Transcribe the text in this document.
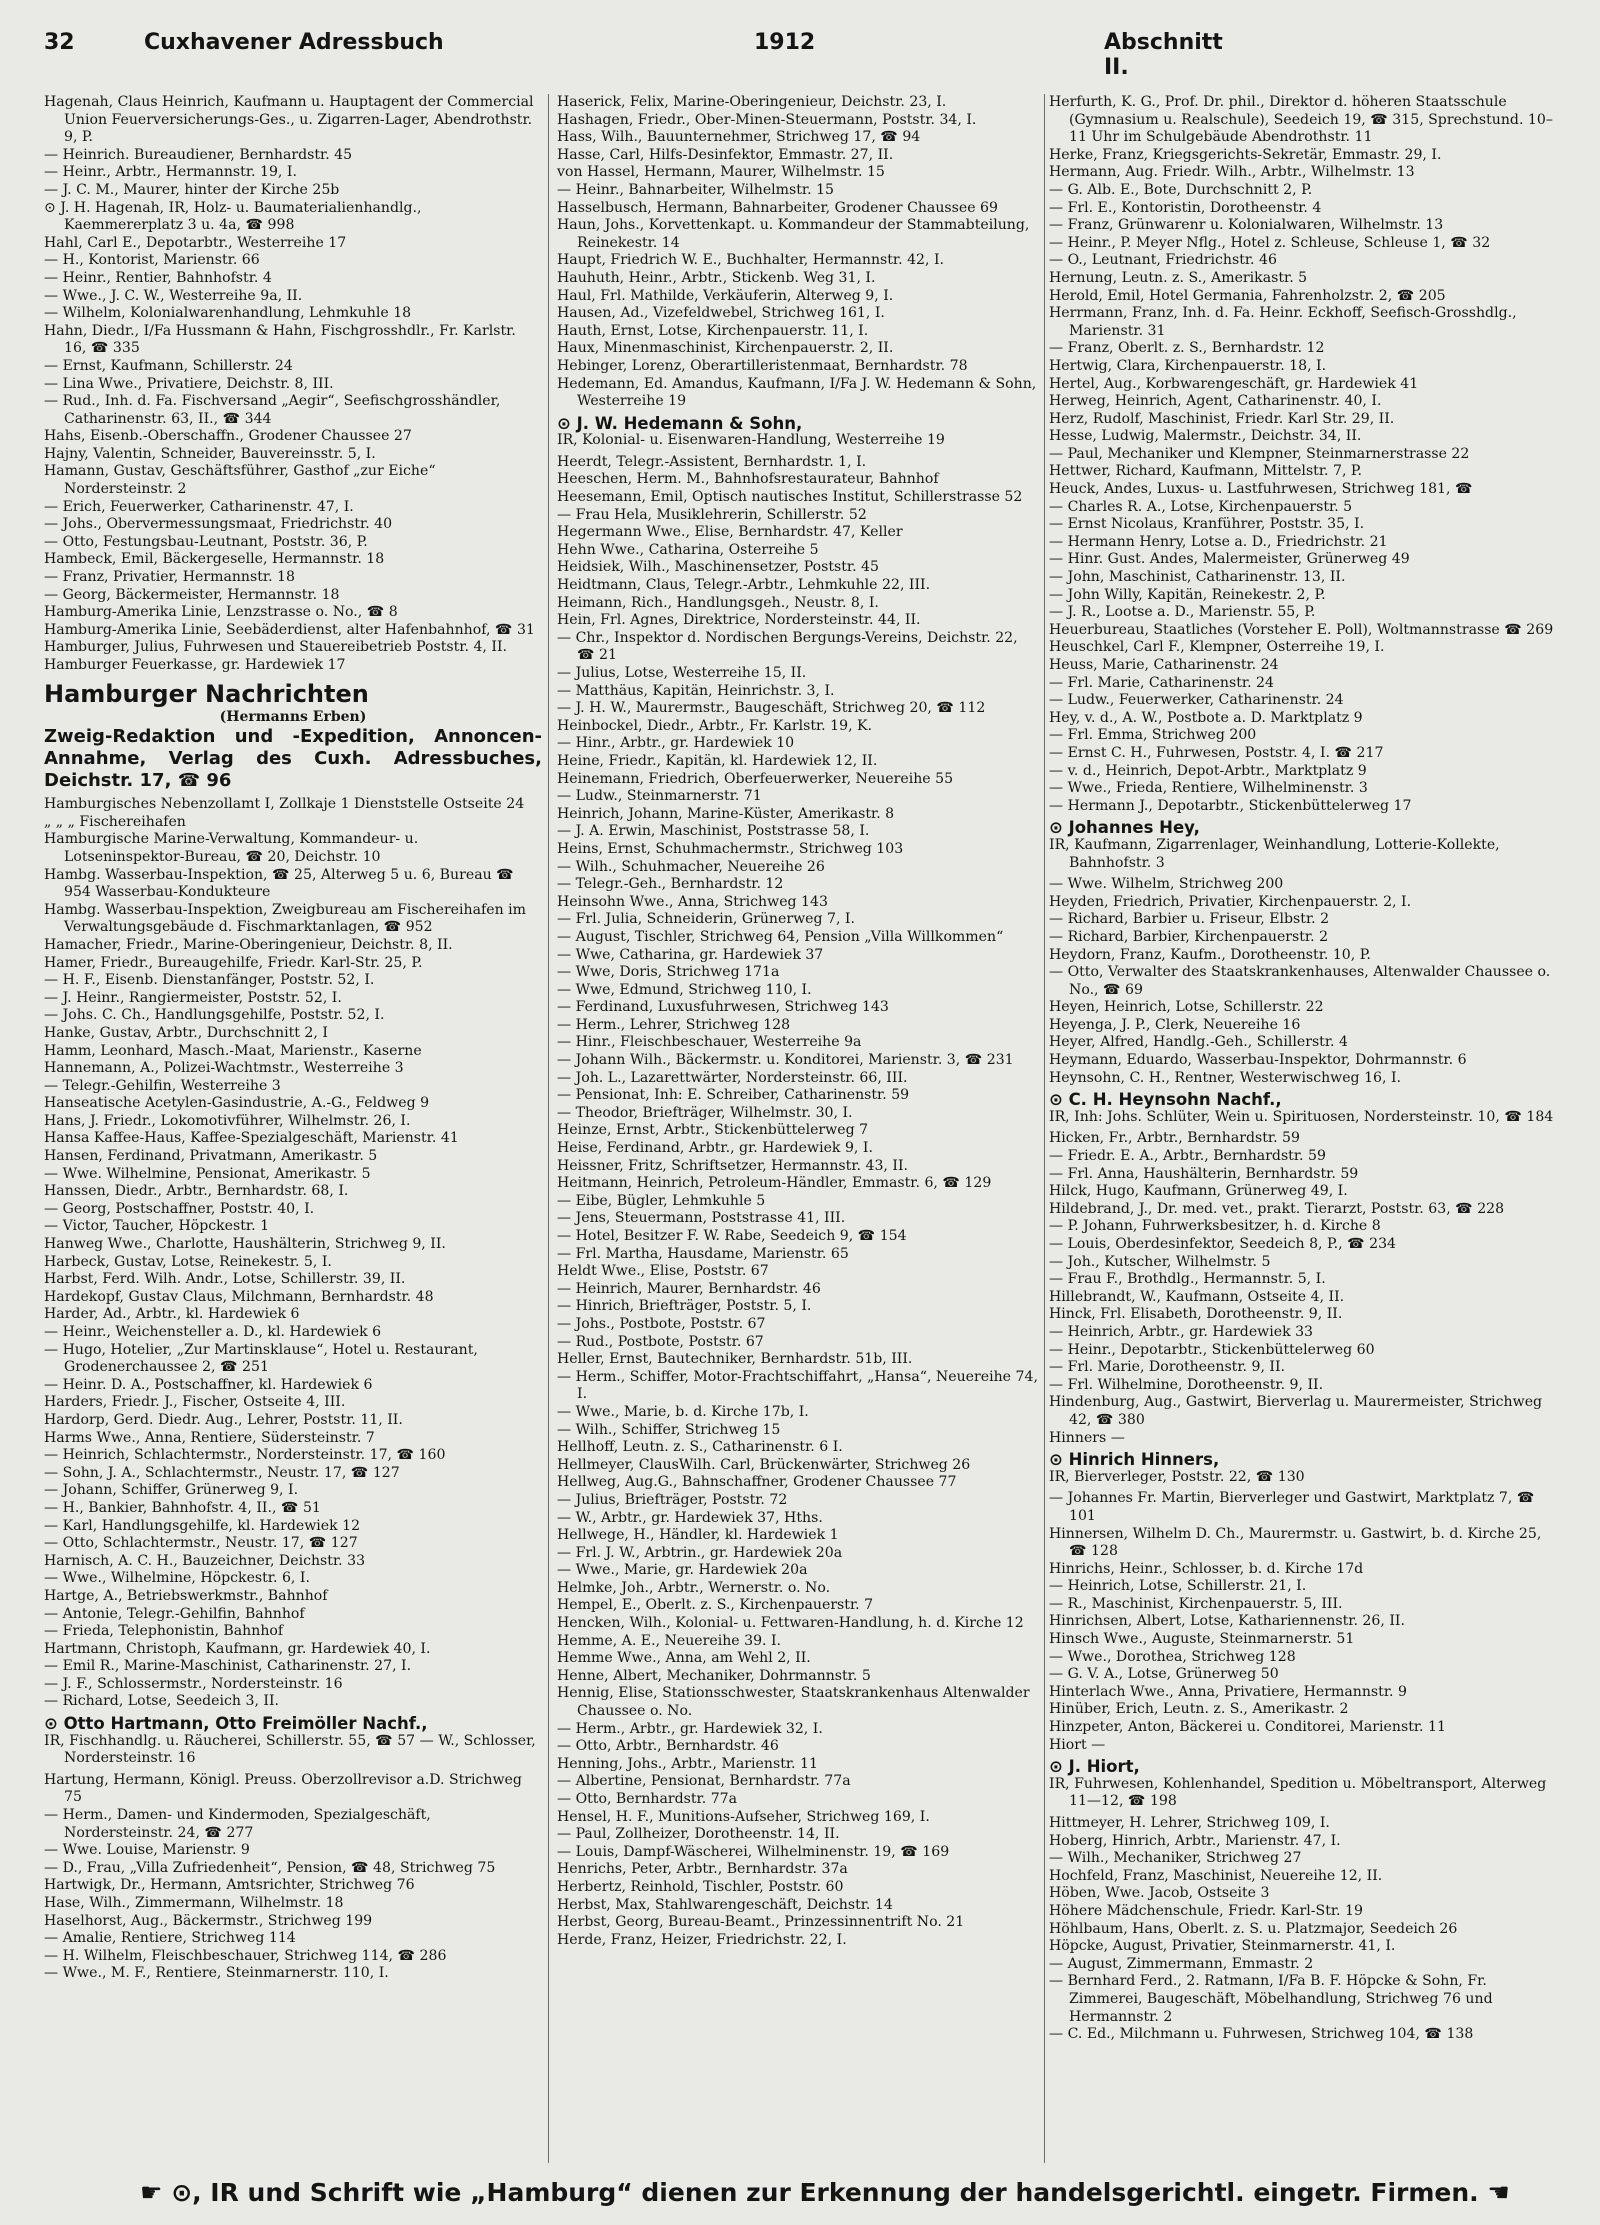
32	Cuxhavener Adressbuch	1912	Abschnitt II.
Hagenah, Claus Heinrich, Kaufmann u. Hauptagent der Commercial Union Feuerversicherungs-Ges., u. Zigarren-Lager, Abendrothstr. 9, P.
— Heinrich. Bureaudiener, Bernhardstr. 45
— Heinr., Arbtr., Hermannstr. 19, I.
— J. C. M., Maurer, hinter der Kirche 25b
⊙ J. H. Hagenah, IR, Holz- u. Baumaterialienhandlg., Kaemmererplatz 3 u. 4a, ☎ 998
Hahl, Carl E., Depotarbtr., Westerreihe 17
— H., Kontorist, Marienstr. 66
— Heinr., Rentier, Bahnhofstr. 4
— Wwe., J. C. W., Westerreihe 9a, II.
— Wilhelm, Kolonialwarenhandlung, Lehmkuhle 18
Hahn, Diedr., I/Fa Hussmann & Hahn, Fischgrosshdlr., Fr. Karlstr. 16, ☎ 335
— Ernst, Kaufmann, Schillerstr. 24
— Lina Wwe., Privatiere, Deichstr. 8, III.
— Rud., Inh. d. Fa. Fischversand „Aegir“, Seefischgrosshändler, Catharinenstr. 63, II., ☎ 344
Hahs, Eisenb.-Oberschaffn., Grodener Chaussee 27
Hajny, Valentin, Schneider, Bauvereinsstr. 5, I.
Hamann, Gustav, Geschäftsführer, Gasthof „zur Eiche“ Nordersteinstr. 2
— Erich, Feuerwerker, Catharinenstr. 47, I.
— Johs., Obervermessungsmaat, Friedrichstr. 40
— Otto, Festungsbau-Leutnant, Poststr. 36, P.
Hambeck, Emil, Bäckergeselle, Hermannstr. 18
— Franz, Privatier, Hermannstr. 18
— Georg, Bäckermeister, Hermannstr. 18
Hamburg-Amerika Linie, Lenzstrasse o. No., ☎ 8
Hamburg-Amerika Linie, Seebäderdienst, alter Hafenbahnhof, ☎ 31
Hamburger, Julius, Fuhrwesen und Stauereibetrieb Poststr. 4, II.
Hamburger Feuerkasse, gr. Hardewiek 17
Hamburger Nachrichten
(Hermanns Erben)
Zweig-Redaktion und -Expedition, Annoncen-Annahme, Verlag des Cuxh. Adressbuches, Deichstr. 17, ☎ 96
Hamburgisches Nebenzollamt I, Zollkaje 1 Dienststelle Ostseite 24
„ „ „ Fischereihafen
Hamburgische Marine-Verwaltung, Kommandeur- u. Lotseninspektor-Bureau, ☎ 20, Deichstr. 10
Hambg. Wasserbau-Inspektion, ☎ 25, Alterweg 5 u. 6, Bureau ☎ 954 Wasserbau-Kondukteure
Hambg. Wasserbau-Inspektion, Zweigbureau am Fischereihafen im Verwaltungsgebäude d. Fischmarktanlagen, ☎ 952
Hamacher, Friedr., Marine-Oberingenieur, Deichstr. 8, II.
Hamer, Friedr., Bureaugehilfe, Friedr. Karl-Str. 25, P.
— H. F., Eisenb. Dienstanfänger, Poststr. 52, I.
— J. Heinr., Rangiermeister, Poststr. 52, I.
— Johs. C. Ch., Handlungsgehilfe, Poststr. 52, I.
Hanke, Gustav, Arbtr., Durchschnitt 2, I
Hamm, Leonhard, Masch.-Maat, Marienstr., Kaserne
Hannemann, A., Polizei-Wachtmstr., Westerreihe 3
— Telegr.-Gehilfin, Westerreihe 3
Hanseatische Acetylen-Gasindustrie, A.-G., Feldweg 9
Hans, J. Friedr., Lokomotivführer, Wilhelmstr. 26, I.
Hansa Kaffee-Haus, Kaffee-Spezialgeschäft, Marienstr. 41
Hansen, Ferdinand, Privatmann, Amerikastr. 5
— Wwe. Wilhelmine, Pensionat, Amerikastr. 5
Hanssen, Diedr., Arbtr., Bernhardstr. 68, I.
— Georg, Postschaffner, Poststr. 40, I.
— Victor, Taucher, Höpckestr. 1
Hanweg Wwe., Charlotte, Haushälterin, Strichweg 9, II.
Harbeck, Gustav, Lotse, Reinekestr. 5, I.
Harbst, Ferd. Wilh. Andr., Lotse, Schillerstr. 39, II.
Hardekopf, Gustav Claus, Milchmann, Bernhardstr. 48
Harder, Ad., Arbtr., kl. Hardewiek 6
— Heinr., Weichensteller a. D., kl. Hardewiek 6
— Hugo, Hotelier, „Zur Martinsklause“, Hotel u. Restaurant, Grodenerchaussee 2, ☎ 251
— Heinr. D. A., Postschaffner, kl. Hardewiek 6
Harders, Friedr. J., Fischer, Ostseite 4, III.
Hardorp, Gerd. Diedr. Aug., Lehrer, Poststr. 11, II.
Harms Wwe., Anna, Rentiere, Südersteinstr. 7
— Heinrich, Schlachtermstr., Nordersteinstr. 17, ☎ 160
— Sohn, J. A., Schlachtermstr., Neustr. 17, ☎ 127
— Johann, Schiffer, Grünerweg 9, I.
— H., Bankier, Bahnhofstr. 4, II., ☎ 51
— Karl, Handlungsgehilfe, kl. Hardewiek 12
— Otto, Schlachtermstr., Neustr. 17, ☎ 127
Harnisch, A. C. H., Bauzeichner, Deichstr. 33
— Wwe., Wilhelmine, Höpckestr. 6, I.
Hartge, A., Betriebswerkmstr., Bahnhof
— Antonie, Telegr.-Gehilfin, Bahnhof
— Frieda, Telephonistin, Bahnhof
Hartmann, Christoph, Kaufmann, gr. Hardewiek 40, I.
— Emil R., Marine-Maschinist, Catharinenstr. 27, I.
— J. F., Schlossermstr., Nordersteinstr. 16
— Richard, Lotse, Seedeich 3, II.
⊙ Otto Hartmann, Otto Freimöller Nachf.,
IR, Fischhandlg. u. Räucherei, Schillerstr. 55, ☎ 57 — W., Schlosser, Nordersteinstr. 16
Hartung, Hermann, Königl. Preuss. Oberzollrevisor a.D. Strichweg 75
— Herm., Damen- und Kindermoden, Spezialgeschäft, Nordersteinstr. 24, ☎ 277
— Wwe. Louise, Marienstr. 9
— D., Frau, „Villa Zufriedenheit“, Pension, ☎ 48, Strichweg 75
Hartwigk, Dr., Hermann, Amtsrichter, Strichweg 76
Hase, Wilh., Zimmermann, Wilhelmstr. 18
Haselhorst, Aug., Bäckermstr., Strichweg 199
— Amalie, Rentiere, Strichweg 114
— H. Wilhelm, Fleischbeschauer, Strichweg 114, ☎ 286
— Wwe., M. F., Rentiere, Steinmarnerstr. 110, I.
Haserick, Felix, Marine-Oberingenieur, Deichstr. 23, I.
Hashagen, Friedr., Ober-Minen-Steuermann, Poststr. 34, I.
Hass, Wilh., Bauunternehmer, Strichweg 17, ☎ 94
Hasse, Carl, Hilfs-Desinfektor, Emmastr. 27, II.
von Hassel, Hermann, Maurer, Wilhelmstr. 15
— Heinr., Bahnarbeiter, Wilhelmstr. 15
Hasselbusch, Hermann, Bahnarbeiter, Grodener Chaussee 69
Haun, Johs., Korvettenkapt. u. Kommandeur der Stammabteilung, Reinekestr. 14
Haupt, Friedrich W. E., Buchhalter, Hermannstr. 42, I.
Hauhuth, Heinr., Arbtr., Stickenb. Weg 31, I.
Haul, Frl. Mathilde, Verkäuferin, Alterweg 9, I.
Hausen, Ad., Vizefeldwebel, Strichweg 161, I.
Hauth, Ernst, Lotse, Kirchenpauerstr. 11, I.
Haux, Minenmaschinist, Kirchenpauerstr. 2, II.
Hebinger, Lorenz, Oberartilleristenmaat, Bernhardstr. 78
Hedemann, Ed. Amandus, Kaufmann, I/Fa J. W. Hedemann & Sohn, Westerreihe 19
⊙ J. W. Hedemann & Sohn,
IR, Kolonial- u. Eisenwaren-Handlung, Westerreihe 19
Heerdt, Telegr.-Assistent, Bernhardstr. 1, I.
Heeschen, Herm. M., Bahnhofsrestaurateur, Bahnhof
Heesemann, Emil, Optisch nautisches Institut, Schillerstrasse 52
— Frau Hela, Musiklehrerin, Schillerstr. 52
Hegermann Wwe., Elise, Bernhardstr. 47, Keller
Hehn Wwe., Catharina, Osterreihe 5
Heidsiek, Wilh., Maschinensetzer, Poststr. 45
Heidtmann, Claus, Telegr.-Arbtr., Lehmkuhle 22, III.
Heimann, Rich., Handlungsgeh., Neustr. 8, I.
Hein, Frl. Agnes, Direktrice, Nordersteinstr. 44, II.
— Chr., Inspektor d. Nordischen Bergungs-Vereins, Deichstr. 22, ☎ 21
— Julius, Lotse, Westerreihe 15, II.
— Matthäus, Kapitän, Heinrichstr. 3, I.
— J. H. W., Maurermstr., Baugeschäft, Strichweg 20, ☎ 112
Heinbockel, Diedr., Arbtr., Fr. Karlstr. 19, K.
— Hinr., Arbtr., gr. Hardewiek 10
Heine, Friedr., Kapitän, kl. Hardewiek 12, II.
Heinemann, Friedrich, Oberfeuerwerker, Neuereihe 55
— Ludw., Steinmarnerstr. 71
Heinrich, Johann, Marine-Küster, Amerikastr. 8
— J. A. Erwin, Maschinist, Poststrasse 58, I.
Heins, Ernst, Schuhmachermstr., Strichweg 103
— Wilh., Schuhmacher, Neuereihe 26
— Telegr.-Geh., Bernhardstr. 12
Heinsohn Wwe., Anna, Strichweg 143
— Frl. Julia, Schneiderin, Grünerweg 7, I.
— August, Tischler, Strichweg 64, Pension „Villa Willkommen“
— Wwe, Catharina, gr. Hardewiek 37
— Wwe, Doris, Strichweg 171a
— Wwe, Edmund, Strichweg 110, I.
— Ferdinand, Luxusfuhrwesen, Strichweg 143
— Herm., Lehrer, Strichweg 128
— Hinr., Fleischbeschauer, Westerreihe 9a
— Johann Wilh., Bäckermstr. u. Konditorei, Marienstr. 3, ☎ 231
— Joh. L., Lazarettwärter, Nordersteinstr. 66, III.
— Pensionat, Inh: E. Schreiber, Catharinenstr. 59
— Theodor, Briefträger, Wilhelmstr. 30, I.
Heinze, Ernst, Arbtr., Stickenbüttelerweg 7
Heise, Ferdinand, Arbtr., gr. Hardewiek 9, I.
Heissner, Fritz, Schriftsetzer, Hermannstr. 43, II.
Heitmann, Heinrich, Petroleum-Händler, Emmastr. 6, ☎ 129
— Eibe, Bügler, Lehmkuhle 5
— Jens, Steuermann, Poststrasse 41, III.
— Hotel, Besitzer F. W. Rabe, Seedeich 9, ☎ 154
— Frl. Martha, Hausdame, Marienstr. 65
Heldt Wwe., Elise, Poststr. 67
— Heinrich, Maurer, Bernhardstr. 46
— Hinrich, Briefträger, Poststr. 5, I.
— Johs., Postbote, Poststr. 67
— Rud., Postbote, Poststr. 67
Heller, Ernst, Bautechniker, Bernhardstr. 51b, III.
— Herm., Schiffer, Motor-Frachtschiffahrt, „Hansa“, Neuereihe 74, I.
— Wwe., Marie, b. d. Kirche 17b, I.
— Wilh., Schiffer, Strichweg 15
Hellhoff, Leutn. z. S., Catharinenstr. 6 I.
Hellmeyer, ClausWilh. Carl, Brückenwärter, Strichweg 26
Hellweg, Aug.G., Bahnschaffner, Grodener Chaussee 77
— Julius, Briefträger, Poststr. 72
— W., Arbtr., gr. Hardewiek 37, Hths.
Hellwege, H., Händler, kl. Hardewiek 1
— Frl. J. W., Arbtrin., gr. Hardewiek 20a
— Wwe., Marie, gr. Hardewiek 20a
Helmke, Joh., Arbtr., Wernerstr. o. No.
Hempel, E., Oberlt. z. S., Kirchenpauerstr. 7
Hencken, Wilh., Kolonial- u. Fettwaren-Handlung, h. d. Kirche 12
Hemme, A. E., Neuereihe 39. I.
Hemme Wwe., Anna, am Wehl 2, II.
Henne, Albert, Mechaniker, Dohrmannstr. 5
Hennig, Elise, Stationsschwester, Staatskrankenhaus Altenwalder Chaussee o. No.
— Herm., Arbtr., gr. Hardewiek 32, I.
— Otto, Arbtr., Bernhardstr. 46
Henning, Johs., Arbtr., Marienstr. 11
— Albertine, Pensionat, Bernhardstr. 77a
— Otto, Bernhardstr. 77a
Hensel, H. F., Munitions-Aufseher, Strichweg 169, I.
— Paul, Zollheizer, Dorotheenstr. 14, II.
— Louis, Dampf-Wäscherei, Wilhelminenstr. 19, ☎ 169
Henrichs, Peter, Arbtr., Bernhardstr. 37a
Herbertz, Reinhold, Tischler, Poststr. 60
Herbst, Max, Stahlwarengeschäft, Deichstr. 14
Herbst, Georg, Bureau-Beamt., Prinzessinnentrift No. 21
Herde, Franz, Heizer, Friedrichstr. 22, I.
Herfurth, K. G., Prof. Dr. phil., Direktor d. höheren Staatsschule (Gymnasium u. Realschule), Seedeich 19, ☎ 315, Sprechstund. 10–11 Uhr im Schulgebäude Abendrothstr. 11
Herke, Franz, Kriegsgerichts-Sekretär, Emmastr. 29, I.
Hermann, Aug. Friedr. Wilh., Arbtr., Wilhelmstr. 13
— G. Alb. E., Bote, Durchschnitt 2, P.
— Frl. E., Kontoristin, Dorotheenstr. 4
— Franz, Grünwarenr u. Kolonialwaren, Wilhelmstr. 13
— Heinr., P. Meyer Nflg., Hotel z. Schleuse, Schleuse 1, ☎ 32
— O., Leutnant, Friedrichstr. 46
Hernung, Leutn. z. S., Amerikastr. 5
Herold, Emil, Hotel Germania, Fahrenholzstr. 2, ☎ 205
Herrmann, Franz, Inh. d. Fa. Heinr. Eckhoff, Seefisch-Grosshdlg., Marienstr. 31
— Franz, Oberlt. z. S., Bernhardstr. 12
Hertwig, Clara, Kirchenpauerstr. 18, I.
Hertel, Aug., Korbwarengeschäft, gr. Hardewiek 41
Herweg, Heinrich, Agent, Catharinenstr. 40, I.
Herz, Rudolf, Maschinist, Friedr. Karl Str. 29, II.
Hesse, Ludwig, Malermstr., Deichstr. 34, II.
— Paul, Mechaniker und Klempner, Steinmarnerstrasse 22
Hettwer, Richard, Kaufmann, Mittelstr. 7, P.
Heuck, Andes, Luxus- u. Lastfuhrwesen, Strichweg 181, ☎
— Charles R. A., Lotse, Kirchenpauerstr. 5
— Ernst Nicolaus, Kranführer, Poststr. 35, I.
— Hermann Henry, Lotse a. D., Friedrichstr. 21
— Hinr. Gust. Andes, Malermeister, Grünerweg 49
— John, Maschinist, Catharinenstr. 13, II.
— John Willy, Kapitän, Reinekestr. 2, P.
— J. R., Lootse a. D., Marienstr. 55, P.
Heuerbureau, Staatliches (Vorsteher E. Poll), Woltmannstrasse ☎ 269
Heuschkel, Carl F., Klempner, Osterreihe 19, I.
Heuss, Marie, Catharinenstr. 24
— Frl. Marie, Catharinenstr. 24
— Ludw., Feuerwerker, Catharinenstr. 24
Hey, v. d., A. W., Postbote a. D. Marktplatz 9
— Frl. Emma, Strichweg 200
— Ernst C. H., Fuhrwesen, Poststr. 4, I. ☎ 217
— v. d., Heinrich, Depot-Arbtr., Marktplatz 9
— Wwe., Frieda, Rentiere, Wilhelminenstr. 3
— Hermann J., Depotarbtr., Stickenbüttelerweg 17
⊙ Johannes Hey,
IR, Kaufmann, Zigarrenlager, Weinhandlung, Lotterie-Kollekte, Bahnhofstr. 3
— Wwe. Wilhelm, Strichweg 200
Heyden, Friedrich, Privatier, Kirchenpauerstr. 2, I.
— Richard, Barbier u. Friseur, Elbstr. 2
— Richard, Barbier, Kirchenpauerstr. 2
Heydorn, Franz, Kaufm., Dorotheenstr. 10, P.
— Otto, Verwalter des Staatskrankenhauses, Altenwalder Chaussee o. No., ☎ 69
Heyen, Heinrich, Lotse, Schillerstr. 22
Heyenga, J. P., Clerk, Neuereihe 16
Heyer, Alfred, Handlg.-Geh., Schillerstr. 4
Heymann, Eduardo, Wasserbau-Inspektor, Dohrmannstr. 6
Heynsohn, C. H., Rentner, Westerwischweg 16, I.
⊙ C. H. Heynsohn Nachf.,
IR, Inh: Johs. Schlüter, Wein u. Spirituosen, Nordersteinstr. 10, ☎ 184
Hicken, Fr., Arbtr., Bernhardstr. 59
— Friedr. E. A., Arbtr., Bernhardstr. 59
— Frl. Anna, Haushälterin, Bernhardstr. 59
Hilck, Hugo, Kaufmann, Grünerweg 49, I.
Hildebrand, J., Dr. med. vet., prakt. Tierarzt, Poststr. 63, ☎ 228
— P. Johann, Fuhrwerksbesitzer, h. d. Kirche 8
— Louis, Oberdesinfektor, Seedeich 8, P., ☎ 234
— Joh., Kutscher, Wilhelmstr. 5
— Frau F., Brothdlg., Hermannstr. 5, I.
Hillebrandt, W., Kaufmann, Ostseite 4, II.
Hinck, Frl. Elisabeth, Dorotheenstr. 9, II.
— Heinrich, Arbtr., gr. Hardewiek 33
— Heinr., Depotarbtr., Stickenbüttelerweg 60
— Frl. Marie, Dorotheenstr. 9, II.
— Frl. Wilhelmine, Dorotheenstr. 9, II.
Hindenburg, Aug., Gastwirt, Bierverlag u. Maurermeister, Strichweg 42, ☎ 380
Hinners —
⊙ Hinrich Hinners,
IR, Bierverleger, Poststr. 22, ☎ 130
— Johannes Fr. Martin, Bierverleger und Gastwirt, Marktplatz 7, ☎ 101
Hinnersen, Wilhelm D. Ch., Maurermstr. u. Gastwirt, b. d. Kirche 25, ☎ 128
Hinrichs, Heinr., Schlosser, b. d. Kirche 17d
— Heinrich, Lotse, Schillerstr. 21, I.
— R., Maschinist, Kirchenpauerstr. 5, III.
Hinrichsen, Albert, Lotse, Kathariennenstr. 26, II.
Hinsch Wwe., Auguste, Steinmarnerstr. 51
— Wwe., Dorothea, Strichweg 128
— G. V. A., Lotse, Grünerweg 50
Hinterlach Wwe., Anna, Privatiere, Hermannstr. 9
Hinüber, Erich, Leutn. z. S., Amerikastr. 2
Hinzpeter, Anton, Bäckerei u. Conditorei, Marienstr. 11
Hiort —
⊙ J. Hiort,
IR, Fuhrwesen, Kohlenhandel, Spedition u. Möbeltransport, Alterweg 11—12, ☎ 198
Hittmeyer, H. Lehrer, Strichweg 109, I.
Hoberg, Hinrich, Arbtr., Marienstr. 47, I.
— Wilh., Mechaniker, Strichweg 27
Hochfeld, Franz, Maschinist, Neuereihe 12, II.
Höben, Wwe. Jacob, Ostseite 3
Höhere Mädchenschule, Friedr. Karl-Str. 19
Höhlbaum, Hans, Oberlt. z. S. u. Platzmajor, Seedeich 26
Höpcke, August, Privatier, Steinmarnerstr. 41, I.
— August, Zimmermann, Emmastr. 2
— Bernhard Ferd., 2. Ratmann, I/Fa B. F. Höpcke & Sohn, Fr. Zimmerei, Baugeschäft, Möbelhandlung, Strichweg 76 und Hermannstr. 2
— C. Ed., Milchmann u. Fuhrwesen, Strichweg 104, ☎ 138
☛ ⊙, IR und Schrift wie „Hamburg“ dienen zur Erkennung der handelsgerichtl. eingetr. Firmen. ☚
